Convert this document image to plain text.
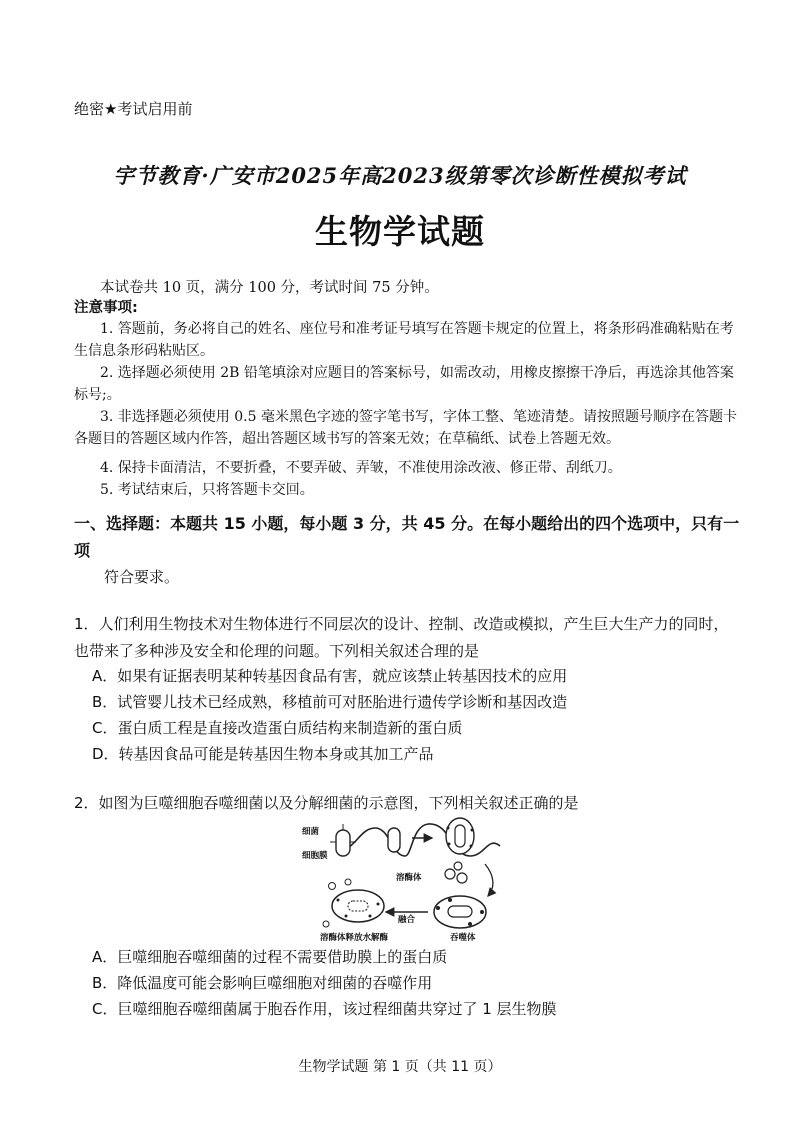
绝密★考试启用前
宇节教育·广安市2025年高2023级第零次诊断性模拟考试
生物学试题
本试卷共 10 页，满分 100 分，考试时间 75 分钟。
注意事项:
1. 答题前，务必将自己的姓名、座位号和准考证号填写在答题卡规定的位置上，将条形码准确粘贴在考生信息条形码粘贴区。
2. 选择题必须使用 2B 铅笔填涂对应题目的答案标号，如需改动，用橡皮擦擦干净后，再选涂其他答案标号;。
3. 非选择题必须使用 0.5 毫米黑色字迹的签字笔书写，字体工整、笔迹清楚。请按照题号顺序在答题卡各题目的答题区域内作答，超出答题区域书写的答案无效；在草稿纸、试卷上答题无效。
4. 保持卡面清洁，不要折叠，不要弄破、弄皱，不准使用涂改液、修正带、刮纸刀。
5. 考试结束后，只将答题卡交回。
一、选择题：本题共 15 小题，每小题 3 分，共 45 分。在每小题给出的四个选项中，只有一
项
符合要求。
1．人们利用生物技术对生物体进行不同层次的设计、控制、改造或模拟，产生巨大生产力的同时，也带来了多种涉及安全和伦理的问题。下列相关叙述合理的是
A．如果有证据表明某种转基因食品有害，就应该禁止转基因技术的应用
B．试管婴儿技术已经成熟，移植前可对胚胎进行遗传学诊断和基因改造
C．蛋白质工程是直接改造蛋白质结构来制造新的蛋白质
D．转基因食品可能是转基因生物本身或其加工产品
2．如图为巨噬细胞吞噬细菌以及分解细菌的示意图，下列相关叙述正确的是
细菌
细胞膜
溶酶体
融合
溶酶体释放水解酶	吞噬体
A．巨噬细胞吞噬细菌的过程不需要借助膜上的蛋白质
B．降低温度可能会影响巨噬细胞对细菌的吞噬作用
C．巨噬细胞吞噬细菌属于胞吞作用，该过程细菌共穿过了 1 层生物膜
生物学试题 第 1 页（共 11 页）
